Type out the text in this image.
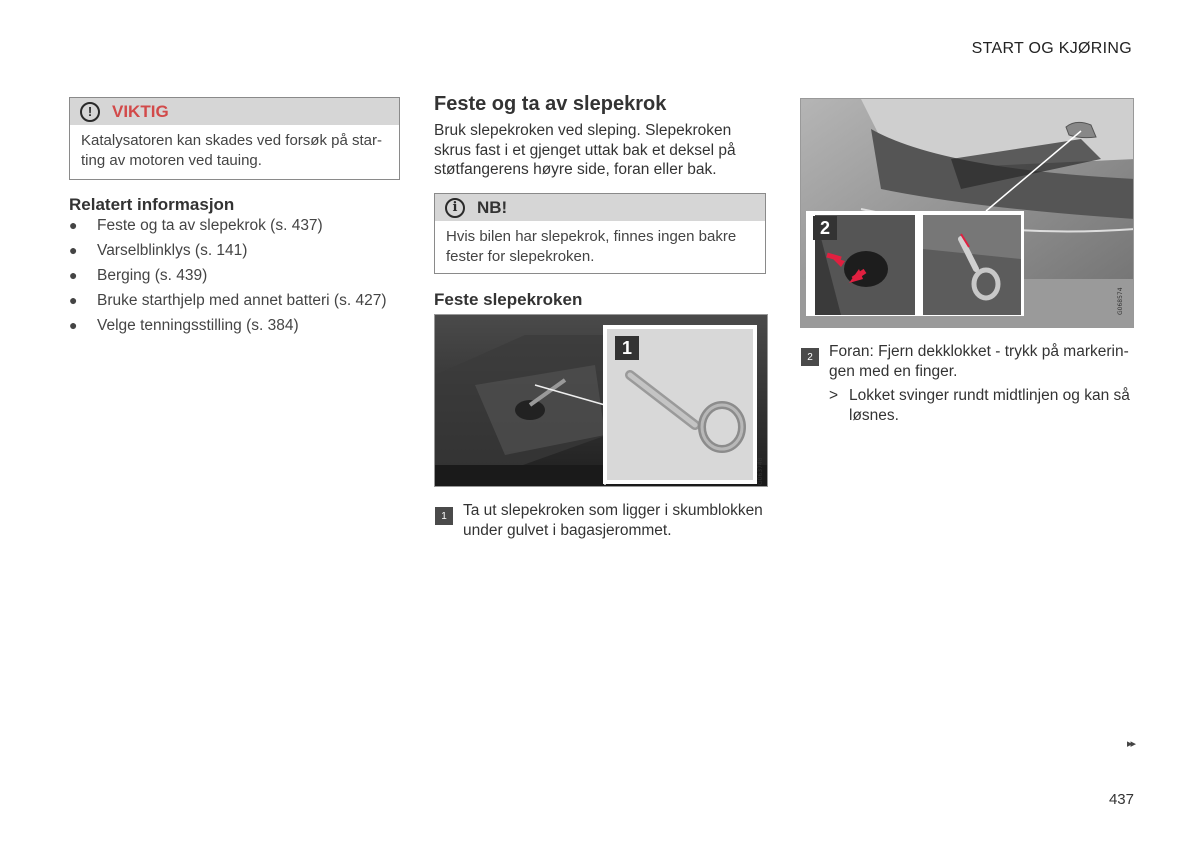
START OG KJØRING
!	VIKTIG
Katalysatoren kan skades ved forsøk på star-
ting av motoren ved tauing.
Relatert informasjon
●	Feste og ta av slepekrok (s. 437)
●	Varselblinklys (s. 141)
●	Berging (s. 439)
●	Bruke starthjelp med annet batteri (s. 427)
●	Velge tenningsstilling (s. 384)
Feste og ta av slepekrok
Bruk slepekroken ved sleping. Slepekroken
skrus fast i et gjenget uttak bak et deksel på
støtfangerens høyre side, foran eller bak.
i	NB!
Hvis bilen har slepekrok, finnes ingen bakre
fester for slepekroken.
Feste slepekroken
1
G063748
1	Ta ut slepekroken som ligger i skumblokken
under gulvet i bagasjerommet.
2
G068574
2	Foran: Fjern dekklokket - trykk på markerin-
gen med en finger.
> Lokket svinger rundt midtlinjen og kan så
løsnes.
▸▸
437
